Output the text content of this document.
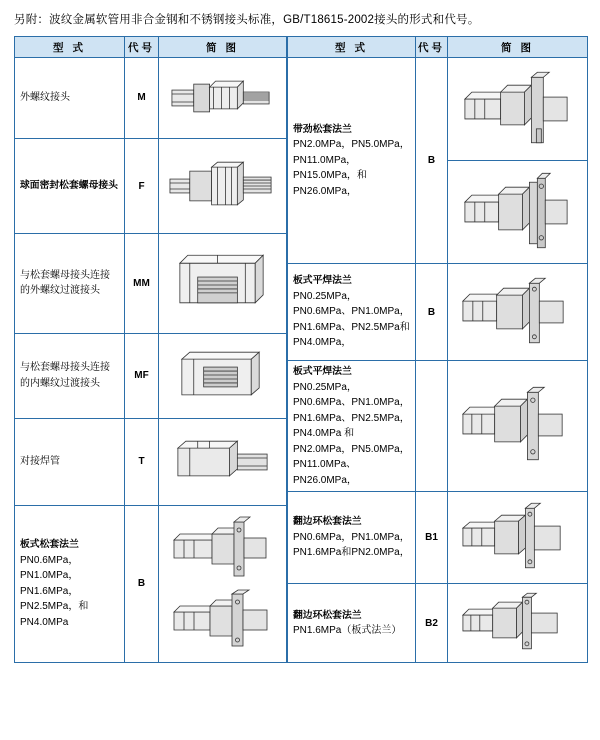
另附：波纹金属软管用非合金钢和不锈钢接头标准，GB/T18615-2002接头的形式和代号。
型 式	代号	简 图
外螺纹接头	M	

球面密封松套螺母接头	F	

与松套螺母接头连接的外螺纹过渡接头	MM	

与松套螺母接头连接的内螺纹过渡接头	MF	

对接焊管	T	

板式松套法兰
PN0.6MPa，PN1.0MPa，PN1.6MPa，PN2.5MPa，和PN4.0MPa	B	
型 式	代号	简 图
带劲松套法兰
PN2.0MPa，PN5.0MPa，PN11.0MPa，PN15.0MPa，和PN26.0MPa，	B	

板式平焊法兰
PN0.25MPa，PN0.6MPa、PN1.0MPa，PN1.6MPa、PN2.5MPa和PN4.0MPa，	B	

板式平焊法兰
PN0.25MPa，PN0.6MPa、PN1.0MPa，PN1.6MPa、PN2.5MPa，PN4.0MPa 和PN2.0MPa，PN5.0MPa，PN11.0MPa、PN26.0MPa，		

翻边环松套法兰
PN0.6MPa，PN1.0MPa，PN1.6MPa和PN2.0MPa，	B1	

翻边环松套法兰
PN1.6MPa（板式法兰）	B2	
